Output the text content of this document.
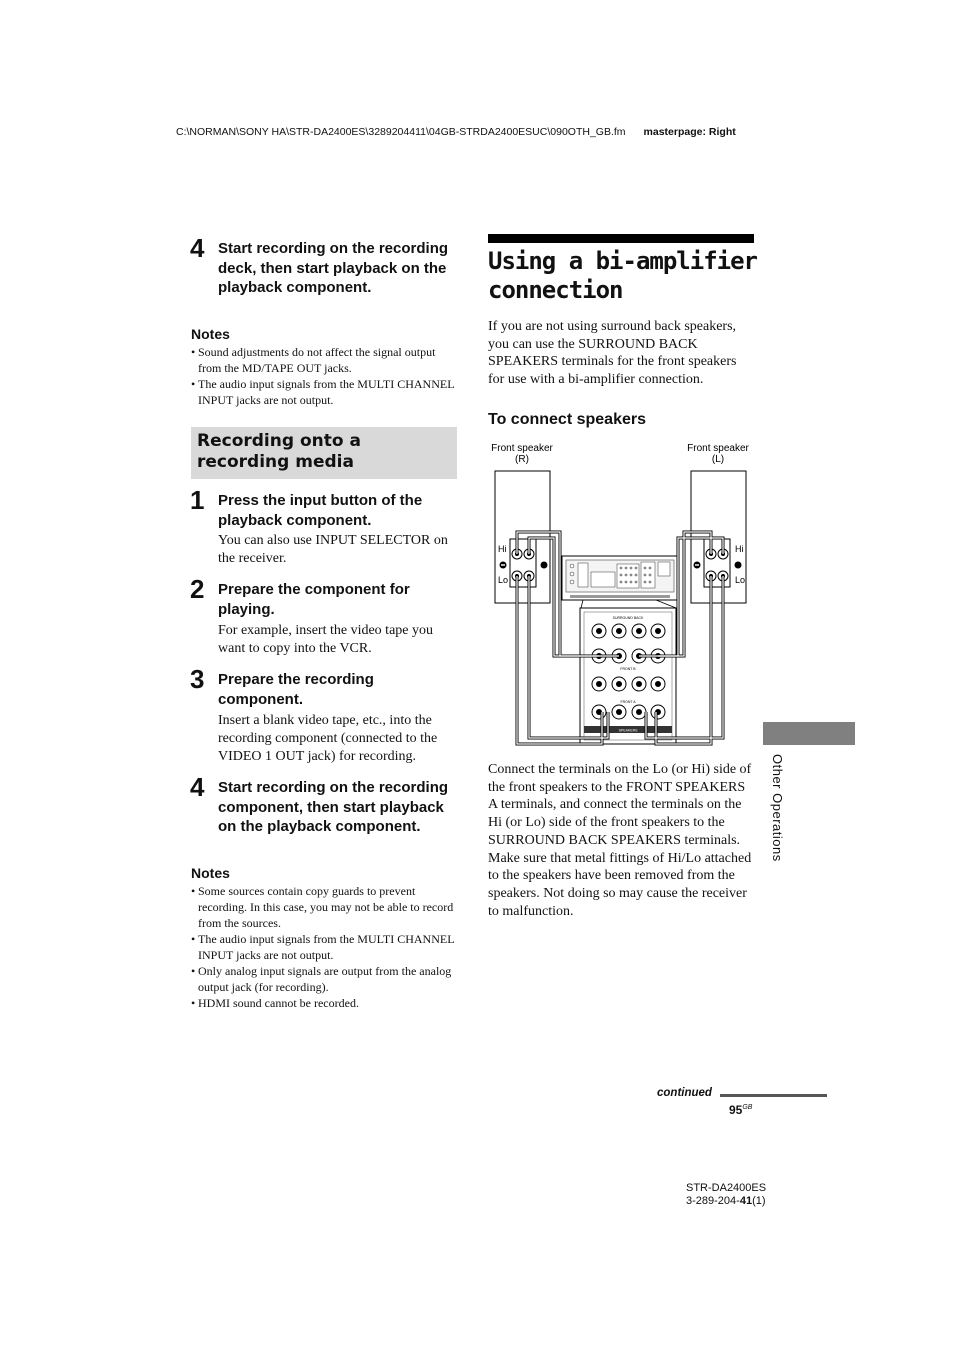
C:\NORMAN\SONY HA\STR-DA2400ES\3289204411\04GB-STRDA2400ESUC\090OTH_GB.fm masterpage: Right
4 Start recording on the recording deck, then start playback on the playback component.
Notes
• Sound adjustments do not affect the signal output from the MD/TAPE OUT jacks.
• The audio input signals from the MULTI CHANNEL INPUT jacks are not output.
Recording onto a recording media
1 Press the input button of the playback component.
You can also use INPUT SELECTOR on the receiver.
2 Prepare the component for playing.
For example, insert the video tape you want to copy into the VCR.
3 Prepare the recording component.
Insert a blank video tape, etc., into the recording component (connected to the VIDEO 1 OUT jack) for recording.
4 Start recording on the recording component, then start playback on the playback component.
Notes
• Some sources contain copy guards to prevent recording. In this case, you may not be able to record from the sources.
• The audio input signals from the MULTI CHANNEL INPUT jacks are not output.
• Only analog input signals are output from the analog output jack (for recording).
• HDMI sound cannot be recorded.
Using a bi-amplifier connection
If you are not using surround back speakers, you can use the SURROUND BACK SPEAKERS terminals for the front speakers for use with a bi-amplifier connection.
To connect speakers
Front speaker
(R)
Front speaker
(L)
Hi
Lo
Hi
Lo
SURROUND BACK
FRONT B
FRONT A
SPEAKERS
Connect the terminals on the Lo (or Hi) side of the front speakers to the FRONT SPEAKERS A terminals, and connect the terminals on the Hi (or Lo) side of the front speakers to the SURROUND BACK SPEAKERS terminals. Make sure that metal fittings of Hi/Lo attached to the speakers have been removed from the speakers. Not doing so may cause the receiver to malfunction.
Other Operations
continued
$95^{GB}$
STR-DA2400ES
3-289-204-41(1)
